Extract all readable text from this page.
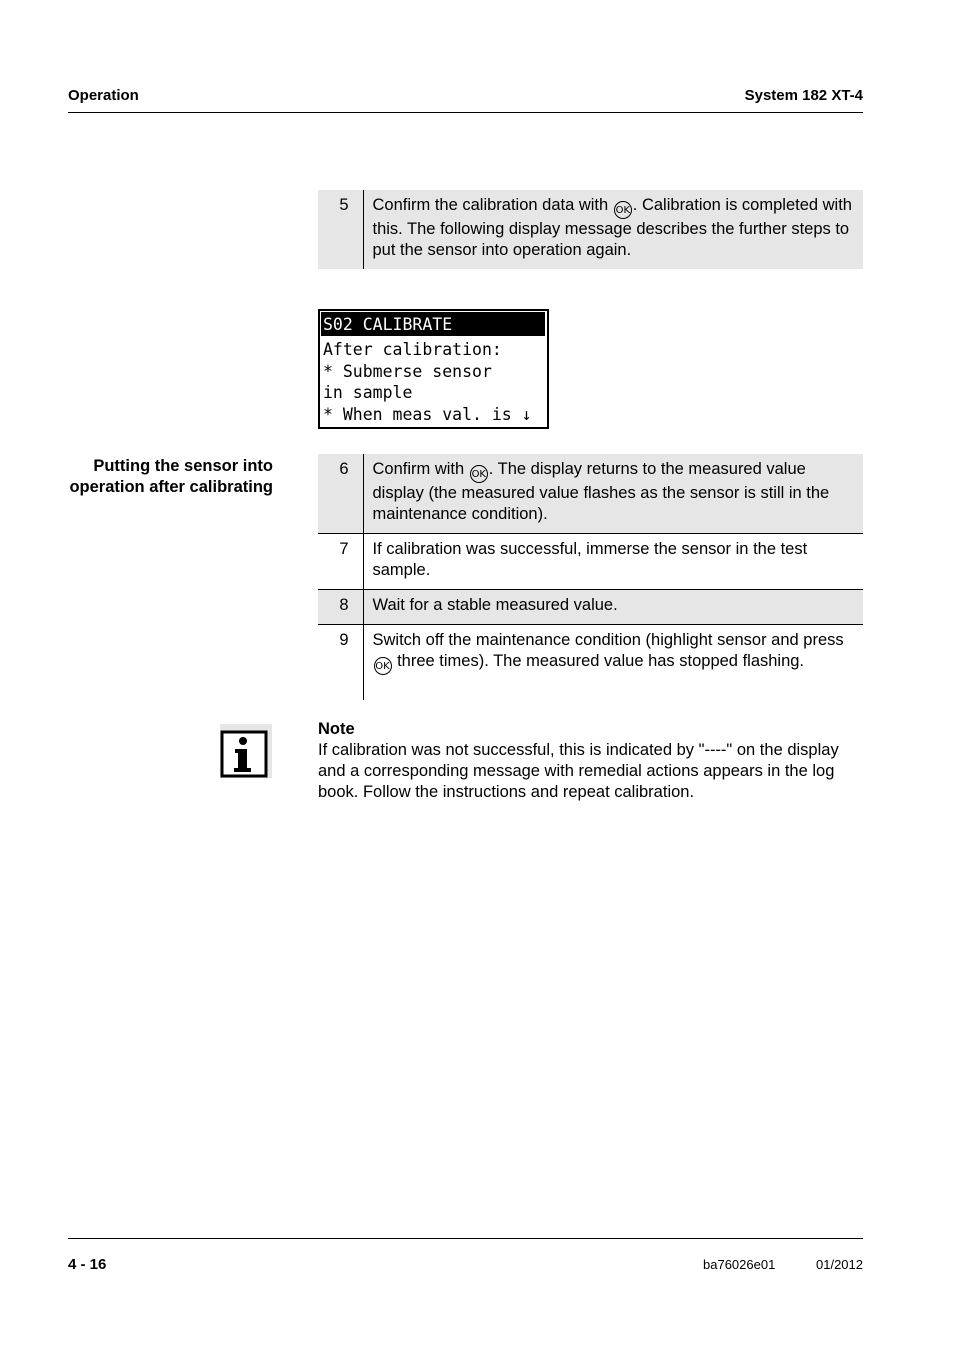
Operation	System 182 XT-4
5	Confirm the calibration data with OK . Calibration is completed with this. The following display message describes the further steps to put the sensor into operation again.
S02 CALIBRATE
After calibration:
* Submerse sensor
in sample
* When meas val. is ↓
Putting the sensor into operation after calibrating
6	Confirm with OK . The display returns to the measured value display (the measured value flashes as the sensor is still in the maintenance condition).
7	If calibration was successful, immerse the sensor in the test sample.
8	Wait for a stable measured value.
9	Switch off the maintenance condition (highlight sensor and press OK three times). The measured value has stopped flashing.
Note
If calibration was not successful, this is indicated by "----" on the display and a corresponding message with remedial actions appears in the log book. Follow the instructions and repeat calibration.
4 - 16	ba76026e01	01/2012
